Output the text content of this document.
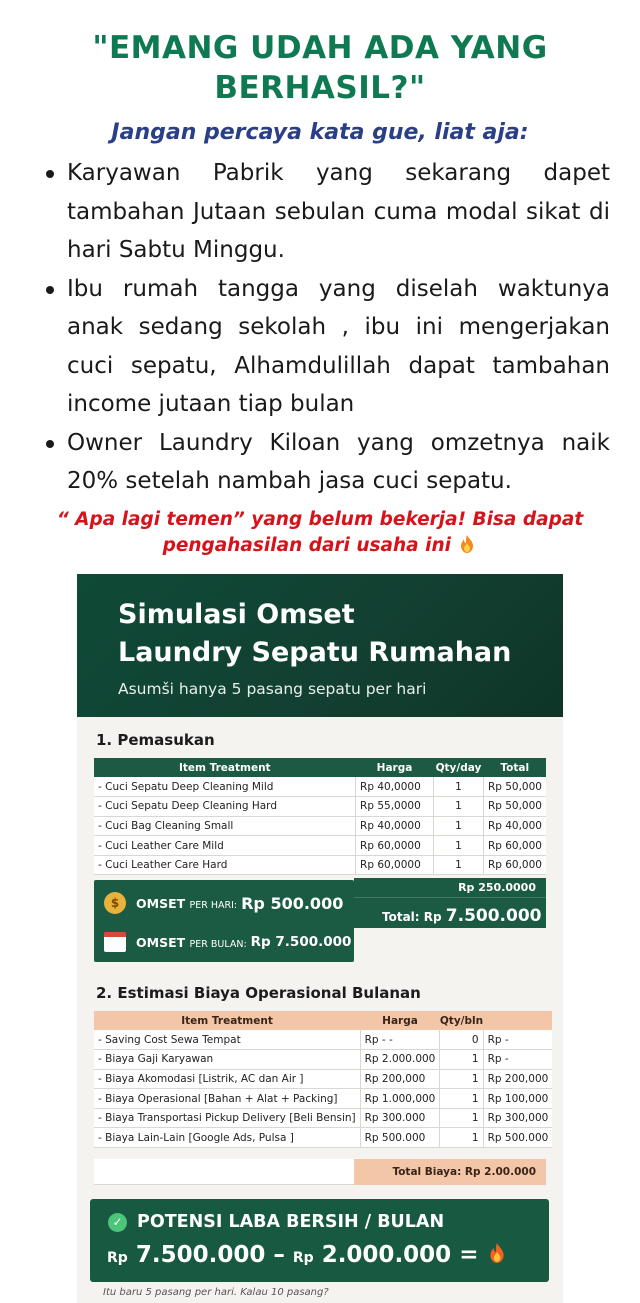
"EMANG UDAH ADA YANG BERHASIL?"
Jangan percaya kata gue, liat aja:
Karyawan Pabrik yang sekarang dapet tambahan Jutaan sebulan cuma modal sikat di hari Sabtu Minggu.
Ibu rumah tangga yang diselah waktunya anak sedang sekolah , ibu ini mengerjakan cuci sepatu, Alhamdulillah dapat tambahan income jutaan tiap bulan
Owner Laundry Kiloan yang omzetnya naik 20% setelah nambah jasa cuci sepatu.
“ Apa lagi temen” yang belum bekerja! Bisa dapat pengahasilan dari usaha ini
Simulasi Omset
Laundry Sepatu Rumahan
Asumši hanya 5 pasang sepatu per hari
1. Pemasukan
Item Treatment	Harga	Qty/day	Total
- Cuci Sepatu Deep Cleaning Mild	Rp 40,0000	1	Rp 50,000
- Cuci Sepatu Deep Cleaning Hard	Rp 55,0000	1	Rp 50,000
- Cuci Bag Cleaning Small	Rp 40,0000	1	Rp 40,000
- Cuci Leather Care Mild	Rp 60,0000	1	Rp 60,000
- Cuci Leather Care Hard	Rp 60,0000	1	Rp 60,000
$	OMSET PER HARI: Rp 500.000
OMSET PER BULAN: Rp 7.500.000
Rp 250.0000
Total: Rp 7.500.000
2. Estimasi Biaya Operasional Bulanan
Item Treatment	Harga	Qty/bln	
- Saving Cost Sewa Tempat	Rp - -	0	Rp -
- Biaya Gaji Karyawan	Rp 2.000.000	1	Rp -
- Biaya Akomodasi [Listrik, AC dan Air ]	Rp 200,000	1	Rp 200,000
- Biaya Operasional [Bahan + Alat + Packing]	Rp 1.000,000	1	Rp 100,000
- Biaya Transportasi Pickup Delivery [Beli Bensin]	Rp 300.000	1	Rp 300,000
- Biaya Lain-Lain [Google Ads, Pulsa ]	Rp 500.000	1	Rp 500.000
Total Biaya: Rp 2.00.000
✓ POTENSI LABA BERSIH / BULAN
Rp 7.500.000 – Rp 2.000.000 =
Itu baru 5 pasang per hari. Kalau 10 pasang?
